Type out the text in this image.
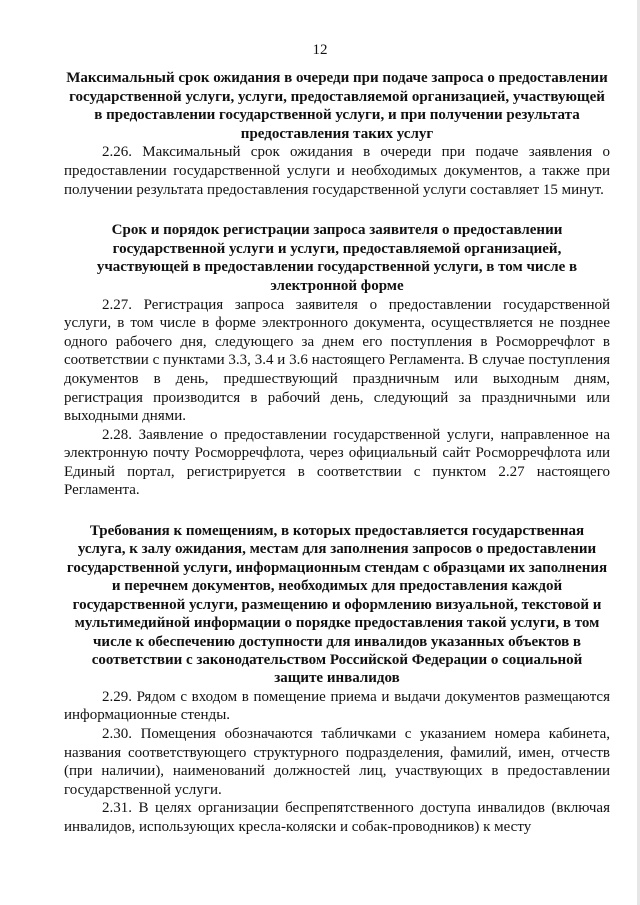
12
Максимальный срок ожидания в очереди при подаче запроса о предоставлении государственной услуги, услуги, предоставляемой организацией, участвующей в предоставлении государственной услуги, и при получении результата предоставления таких услуг

2.26. Максимальный срок ожидания в очереди при подаче заявления о предоставлении государственной услуги и необходимых документов, а также при получении результата предоставления государственной услуги составляет 15 минут.

Срок и порядок регистрации запроса заявителя о предоставлении государственной услуги и услуги, предоставляемой организацией, участвующей в предоставлении государственной услуги, в том числе в электронной форме

2.27. Регистрация запроса заявителя о предоставлении государственной услуги, в том числе в форме электронного документа, осуществляется не позднее одного рабочего дня, следующего за днем его поступления в Росморречфлот в соответствии с пунктами 3.3, 3.4 и 3.6 настоящего Регламента. В случае поступления документов в день, предшествующий праздничным или выходным дням, регистрация производится в рабочий день, следующий за праздничными или выходными днями.

2.28. Заявление о предоставлении государственной услуги, направленное на электронную почту Росморречфлота, через официальный сайт Росморречфлота или Единый портал, регистрируется в соответствии с пунктом 2.27 настоящего Регламента.

Требования к помещениям, в которых предоставляется государственная услуга, к залу ожидания, местам для заполнения запросов о предоставлении государственной услуги, информационным стендам с образцами их заполнения и перечнем документов, необходимых для предоставления каждой государственной услуги, размещению и оформлению визуальной, текстовой и мультимедийной информации о порядке предоставления такой услуги, в том числе к обеспечению доступности для инвалидов указанных объектов в соответствии с законодательством Российской Федерации о социальной защите инвалидов

2.29. Рядом с входом в помещение приема и выдачи документов размещаются информационные стенды.

2.30. Помещения обозначаются табличками с указанием номера кабинета, названия соответствующего структурного подразделения, фамилий, имен, отчеств (при наличии), наименований должностей лиц, участвующих в предоставлении государственной услуги.

2.31. В целях организации беспрепятственного доступа инвалидов (включая инвалидов, использующих кресла-коляски и собак-проводников) к месту
